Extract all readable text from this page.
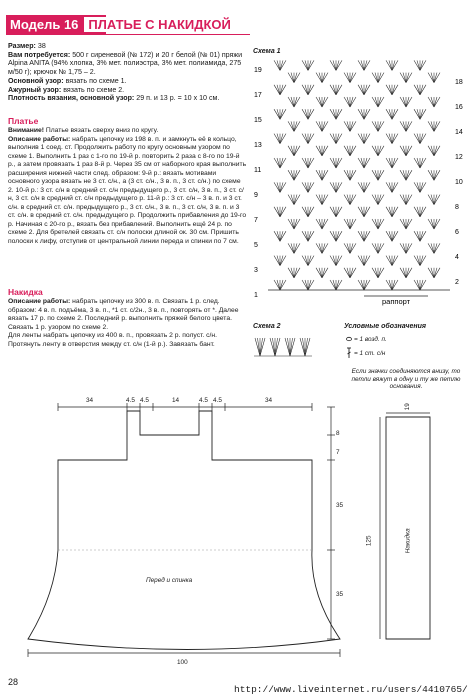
Модель 16 ПЛАТЬЕ С НАКИДКОЙ
Размер: 38
Вам потребуется: 500 г сиреневой (№ 172) и 20 г белой (№ 01) пряжи Alpina ANITA (94% хлопка, 3% мет. полиэстра, 3% мет. полиамида, 275 м/50 г); крючок № 1,75 – 2.
Основной узор: вязать по схеме 1.
Ажурный узор: вязать по схеме 2.
Плотность вязания, основной узор: 29 п. и 13 р. = 10 х 10 см.
Платье
Внимание! Платье вязать сверху вниз по кругу.
Описание работы: набрать цепочку из 198 в. п. и замкнуть её в кольцо, выполнив 1 соед. ст. Продолжить работу по кругу основным узором по схеме 1. Выполнить 1 раз с 1-го по 19-й р. повторить 2 раза с 8-го по 19-й р., а затем провязать 1 раз 8-й р. Через 35 см от наборного края выполнить расширения нижней части след. образом: 9-й р.: вязать мотивами основного узора вязать не 3 ст. с/н., а (3 ст. с/н., 3 в. п., 3 ст. с/н.) по схеме 2. 10-й р.: 3 ст. с/н в средний ст. с/н предыдущего р., 3 ст. с/н, 3 в. п., 3 ст. с/н, 3 ст. с/н в средний ст. с/н предыдущего р. 11-й р.: 3 ст. с/н – 3 в. п. и 3 ст. с/н. в средний ст. с/н. предыдущего р., 3 ст. с/н., 3 в. п., 3 ст. с/н, 3 в. п. и 3 ст. с/н. в средний ст. с/н. предыдущего р. Продолжить прибавления до 19-го р. Начиная с 20-го р., вязать без прибавлений. Выполнить ещё 24 р. по схеме 2. Для бретелей связать ст. с/н полоски длиной ок. 30 см. Пришить полоски к лифу, отступив от центральной линии переда и спинки по 7 см.
Накидка
Описание работы: набрать цепочку из 300 в. п. Связать 1 р. след. образом: 4 в. п. подъёма, 3 в. п., *1 ст. с/2н., 3 в. п., повторять от *. Далее вязать 17 р. по схеме 2. Последний р. выполнить пряжей белого цвета. Связать 1 р. узором по схеме 2.
Для ленты набрать цепочку из 400 в. п., провязать 2 р. полуст. с/н. Протянуть ленту в отверстия между ст. с/н (1-й р.). Завязать бант.
Схема 1
19
17
15
13
11
9
7
5
3
1
18
16
14
12
10
8
6
4
2
раппорт
Схема 2	Условные обозначения
= 1 возд. п.
= 1 ст. с/н
Если значки соединяются внизу, то петли вяжут в одну и ту же петлю основания.
34	4.5 4.5	14	4.5 4.5	34
8
7
35
35
100
Перед и спинка
19
125	Накидка
28
http://www.liveinternet.ru/users/4410765/
